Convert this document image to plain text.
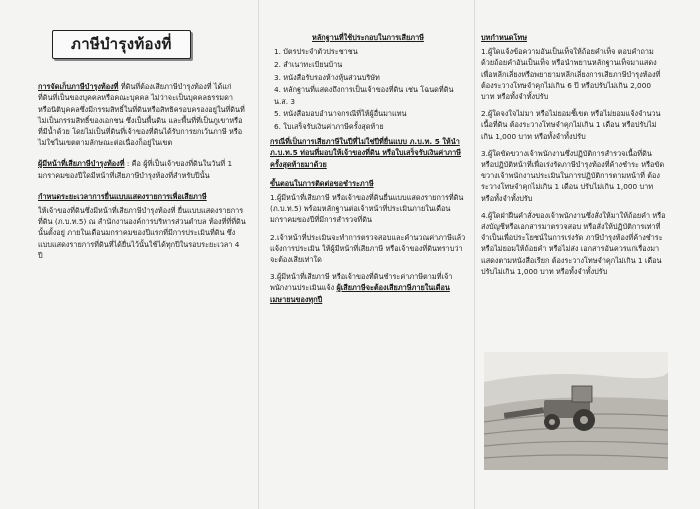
ภาษีบำรุงท้องที่

การจัดเก็บภาษีบำรุงท้องที่ ที่ดินที่ต้องเสียภาษีบำรุงท้องที่ ได้แก่ ที่ดินที่เป็นของบุคคลหรือคณะบุคคล ไม่ว่าจะเป็นบุคคลธรรมดา หรือนิติบุคคลซึ่งมีกรรมสิทธิ์ในที่ดินหรือสิทธิครอบครองอยู่ในที่ดินที่ไม่เป็นกรรมสิทธิ์ของเอกชน ซึ่งเป็นพื้นดิน และพื้นที่ที่เป็นภูเขาหรือที่มีน้ำด้วย โดยไม่เป็นที่ดินที่เจ้าของที่ดินได้รับการยกเว้นภาษี หรือไม่ใช่ในเขตตามลักษณะต่อเนื่องก็อยู่ในเขต

ผู้มีหน้าที่เสียภาษีบำรุงท้องที่ : คือ ผู้ที่เป็นเจ้าของที่ดินในวันที่ 1 มกราคมของปีใดมีหน้าที่เสียภาษีบำรุงท้องที่สำหรับปีนั้น

กำหนดระยะเวลาการยื่นแบบแสดงรายการเพื่อเสียภาษี

ให้เจ้าของที่ดินซึ่งมีหน้าที่เสียภาษีบำรุงท้องที่ ยื่นแบบแสดงรายการที่ดิน (ภ.บ.ท.5) ณ สำนักงานองค์การบริหารส่วนตำบล ท้องที่ที่ที่ดินนั้นตั้งอยู่ ภายในเดือนมกราคมของปีแรกที่มีการประเมินที่ดิน ซึ่งแบบแสดงรายการที่ดินที่ได้ยื่นไว้นั้นใช้ได้ทุกปีในรอบระยะเวลา 4 ปี

หลักฐานที่ใช้ประกอบในการเสียภาษี
1. บัตรประจำตัวประชาชน
2. สำเนาทะเบียนบ้าน
3. หนังสือรับรองห้างหุ้นส่วนบริษัท
4. หลักฐานที่แสดงถึงการเป็นเจ้าของที่ดิน เช่น โฉนดที่ดิน น.ส. 3
5. หนังสือมอบอำนาจกรณีที่ให้ผู้อื่นมาแทน
6. ใบเสร็จรับเงินค่าภาษีครั้งสุดท้าย
กรณีที่เป็นการเสียภาษีในปีที่ไม่ใช่ปีที่ยื่นแบบ ภ.บ.ท. 5 ให้นำ ภ.บ.ท.5 ท่อนที่มอบให้เจ้าของที่ดิน หรือใบเสร็จรับเงินค่าภาษีครั้งสุดท้ายมาด้วย
ขั้นตอนในการติดต่อขอชำระภาษี

1.ผู้มีหน้าที่เสียภาษี หรือเจ้าของที่ดินยื่นแบบแสดงรายการที่ดิน (ภ.บ.ท.5) พร้อมหลักฐานต่อเจ้าหน้าที่ประเมินภายในเดือนมกราคมของปีที่มีการสำรวจที่ดิน

2.เจ้าหน้าที่ประเมินจะทำการตรวจสอบและคำนวณค่าภาษีแล้วแจ้งการประเมิน ให้ผู้มีหน้าที่เสียภาษี หรือเจ้าของที่ดินทราบว่าจะต้องเสียเท่าใด

3.ผู้มีหน้าที่เสียภาษี หรือเจ้าของที่ดินชำระค่าภาษีตามที่เจ้าพนักงานประเมินแจ้ง ผู้เสียภาษีจะต้องเสียภาษีภายในเดือนเมษายนของทุกปี

บทกำหนดโทษ

1.ผู้ใดแจ้งข้อความอันเป็นเท็จให้ถ้อยคำเท็จ ตอบคำถามด้วยถ้อยคำอันเป็นเท็จ หรือนำพยานหลักฐานเท็จมาแสดง เพื่อหลีกเลี่ยงหรือพยายามหลีกเลี่ยงการเสียภาษีบำรุงท้องที่ ต้องระวางโทษจำคุกไม่เกิน 6 ปี หรือปรับไม่เกิน 2,000 บาท หรือทั้งจำทั้งปรับ

2.ผู้ใดจงใจไม่มา หรือไม่ยอมชี้เขต หรือไม่ยอมแจ้งจำนวน เนื้อที่ดิน ต้องระวางโทษจำคุกไม่เกิน 1 เดือน หรือปรับไม่เกิน 1,000 บาท หรือทั้งจำทั้งปรับ

3.ผู้ใดขัดขวางเจ้าพนักงานซึ่งปฏิบัติการสำรวจเนื้อที่ดิน หรือปฏิบัติหน้าที่เพื่อเร่งรัดภาษีบำรุงท้องที่ค้างชำระ หรือขัดขวางเจ้าพนักงานประเมินในการปฏิบัติการตามหน้าที่ ต้องระวางโทษจำคุกไม่เกิน 1 เดือน ปรับไม่เกิน 1,000 บาท หรือทั้งจำทั้งปรับ

4.ผู้ใดฝ่าฝืนคำสั่งของเจ้าพนักงานซึ่งสั่งให้มาให้ถ้อยคำ หรือส่งบัญชีหรือเอกสารมาตรวจสอบ หรือสั่งให้ปฏิบัติการเท่าที่จำเป็นเพื่อประโยชน์ในการเร่งรัด ภาษีบำรุงท้องที่ค้างชำระ หรือไม่ยอมให้ถ้อยคำ หรือไม่ส่ง เอกสารอันควรแก่เรื่องมาแสดงตามหนังสือเรียก ต้องระวางโทษจำคุกไม่เกิน 1 เดือน ปรับไม่เกิน 1,000 บาท หรือทั้งจำทั้งปรับ
